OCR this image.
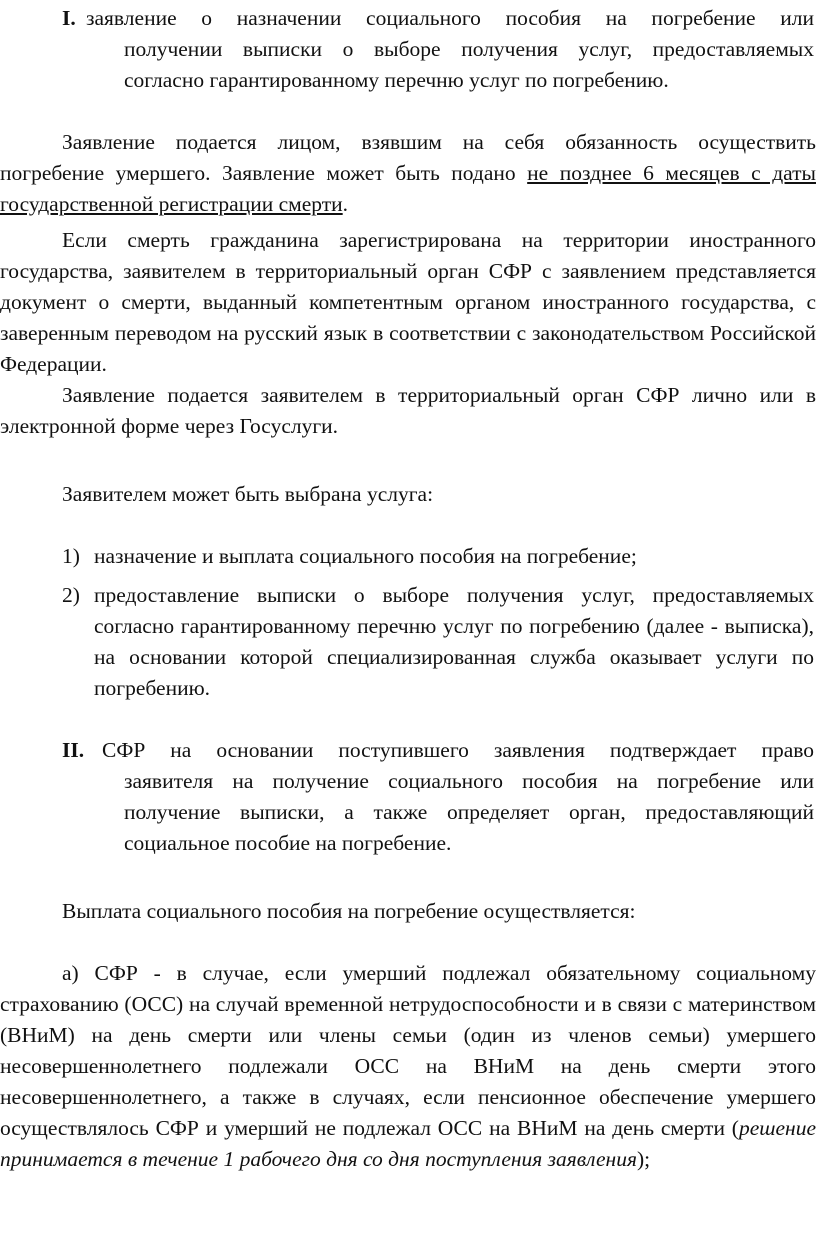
I. заявление о назначении социального пособия на погребение или
получении выписки о выборе получения услуг, предоставляемых
согласно гарантированному перечню услуг по погребению.
Заявление подается лицом, взявшим на себя обязанность осуществить погребение умершего. Заявление может быть подано не позднее 6 месяцев с даты государственной регистрации смерти.
Если смерть гражданина зарегистрирована на территории иностранного государства, заявителем в территориальный орган СФР с заявлением представляется документ о смерти, выданный компетентным органом иностранного государства, с заверенным переводом на русский язык в соответствии с законодательством Российской Федерации.
Заявление подается заявителем в территориальный орган СФР лично или в электронной форме через Госуслуги.
Заявителем может быть выбрана услуга:
1) назначение и выплата социального пособия на погребение;
2) предоставление выписки о выборе получения услуг, предоставляемых согласно гарантированному перечню услуг по погребению (далее - выписка), на основании которой специализированная служба оказывает услуги по погребению.
II. СФР на основании поступившего заявления подтверждает право
заявителя на получение социального пособия на погребение или
получение выписки, а также определяет орган, предоставляющий
социальное пособие на погребение.
Выплата социального пособия на погребение осуществляется:
а) СФР - в случае, если умерший подлежал обязательному социальному страхованию (ОСС) на случай временной нетрудоспособности и в связи с материнством (ВНиМ) на день смерти или члены семьи (один из членов семьи) умершего несовершеннолетнего подлежали ОСС на ВНиМ на день смерти этого несовершеннолетнего, а также в случаях, если пенсионное обеспечение умершего осуществлялось СФР и умерший не подлежал ОСС на ВНиМ на день смерти (решение принимается в течение 1 рабочего дня со дня поступления заявления);
